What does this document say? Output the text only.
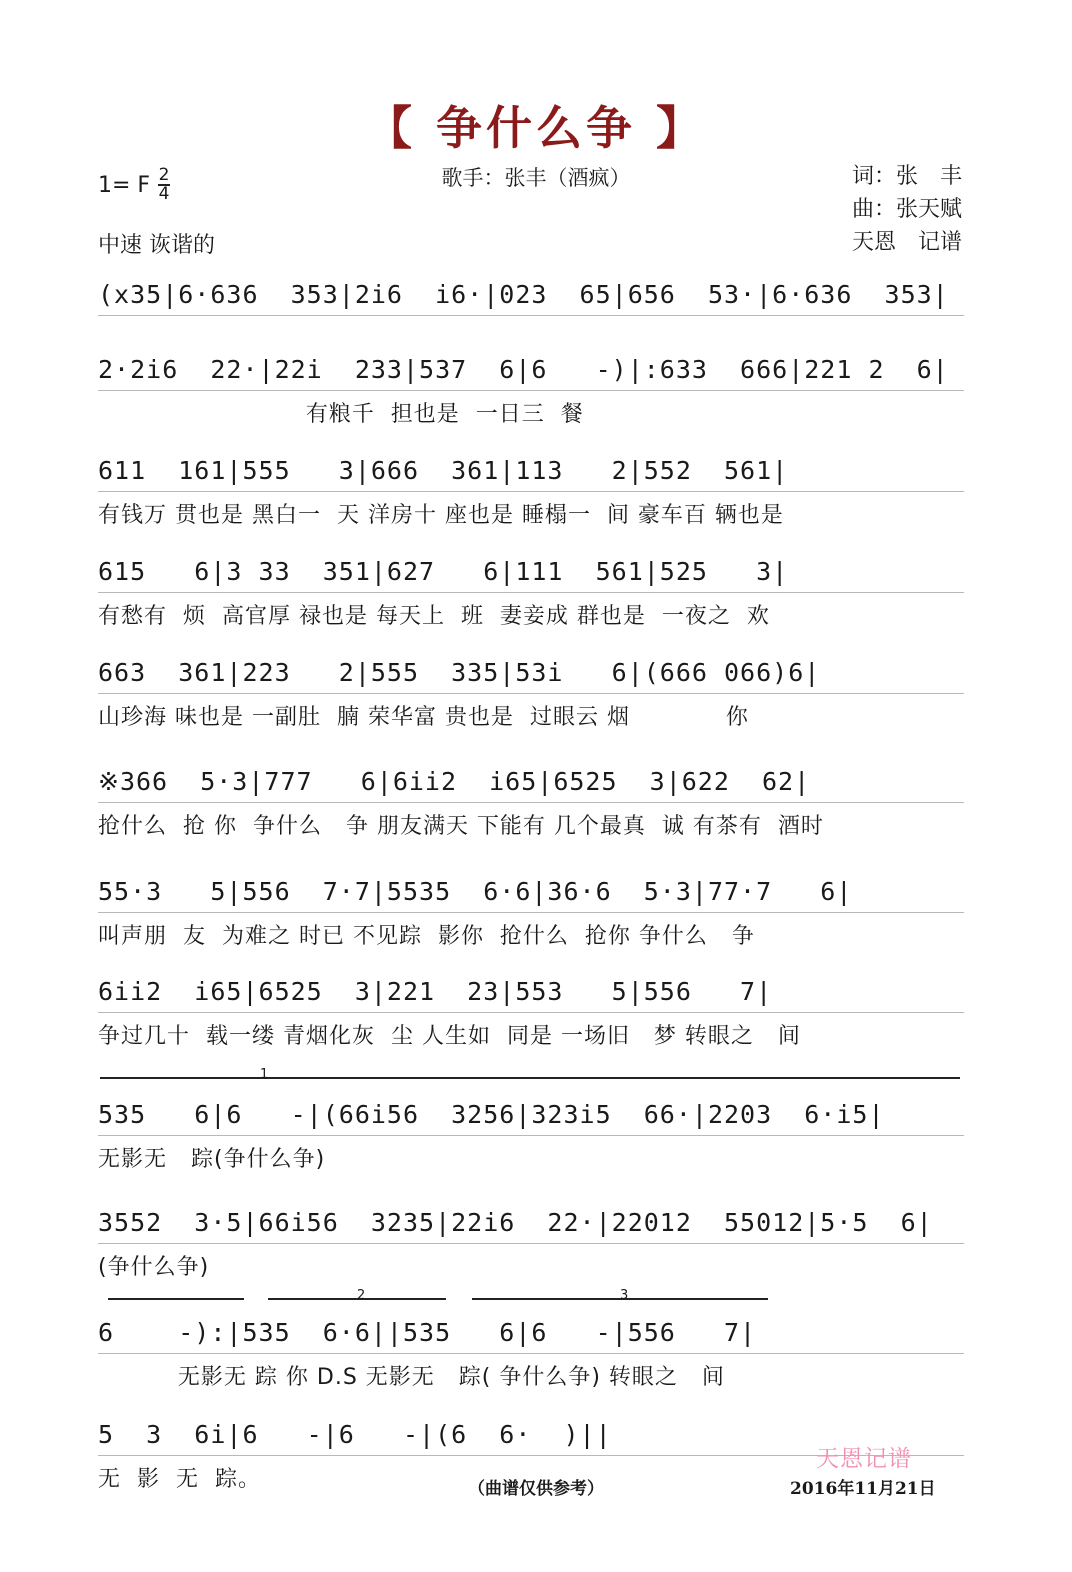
【 争什么争 】
1= F $\frac{2}{4}$	歌手：张丰（酒疯）	词：张　丰
曲：张天赋
天恩　记谱
中速 诙谐的
(x35|6·636  353|2i6  i6·|023  65|656  53·|6·636  353|
2·2i6  22·|22i  233|537  6|6   -)|:633  666|221 2  6|
有粮千  担也是  一日三  餐
611  161|555   3|666  361|113   2|552  561|
有钱万 贯也是 黑白一  天 洋房十 座也是 睡榻一  间 豪车百 辆也是
615   6|3 33  351|627   6|111  561|525   3|
有愁有  烦  高官厚 禄也是 每天上  班  妻妾成 群也是  一夜之  欢
663  361|223   2|555  335|53i   6|(666 066)6|
山珍海 味也是 一副肚  腩 荣华富 贵也是  过眼云 烟            你
※366  5·3|777   6|6ii2  i65|6525  3|622  62|
抢什么  抢 你  争什么   争 朋友满天 下能有 几个最真  诚 有茶有  酒时
55·3   5|556  7·7|5535  6·6|36·6  5·3|77·7   6|
叫声朋  友  为难之 时已 不见踪  影你  抢什么  抢你 争什么   争
6ii2  i65|6525  3|221  23|553   5|556   7|
争过几十  载一缕 青烟化灰  尘 人生如  同是 一场旧   梦 转眼之   间
1
535   6|6   -|(66i56  3256|323i5  66·|2203  6·i5|
无影无   踪(争什么争)
3552  3·5|66i56  3235|22i6  22·|22012  55012|5·5  6|
(争什么争)
2	3
6    -):|535  6·6||535   6|6   -|556   7|
无影无 踪 你 D.S 无影无   踪( 争什么争) 转眼之   间
5  3  6i|6   -|6   -|(6  6·  )||
无  影  无  踪。	（曲谱仅供参考）
天恩记谱
2016年11月21日
